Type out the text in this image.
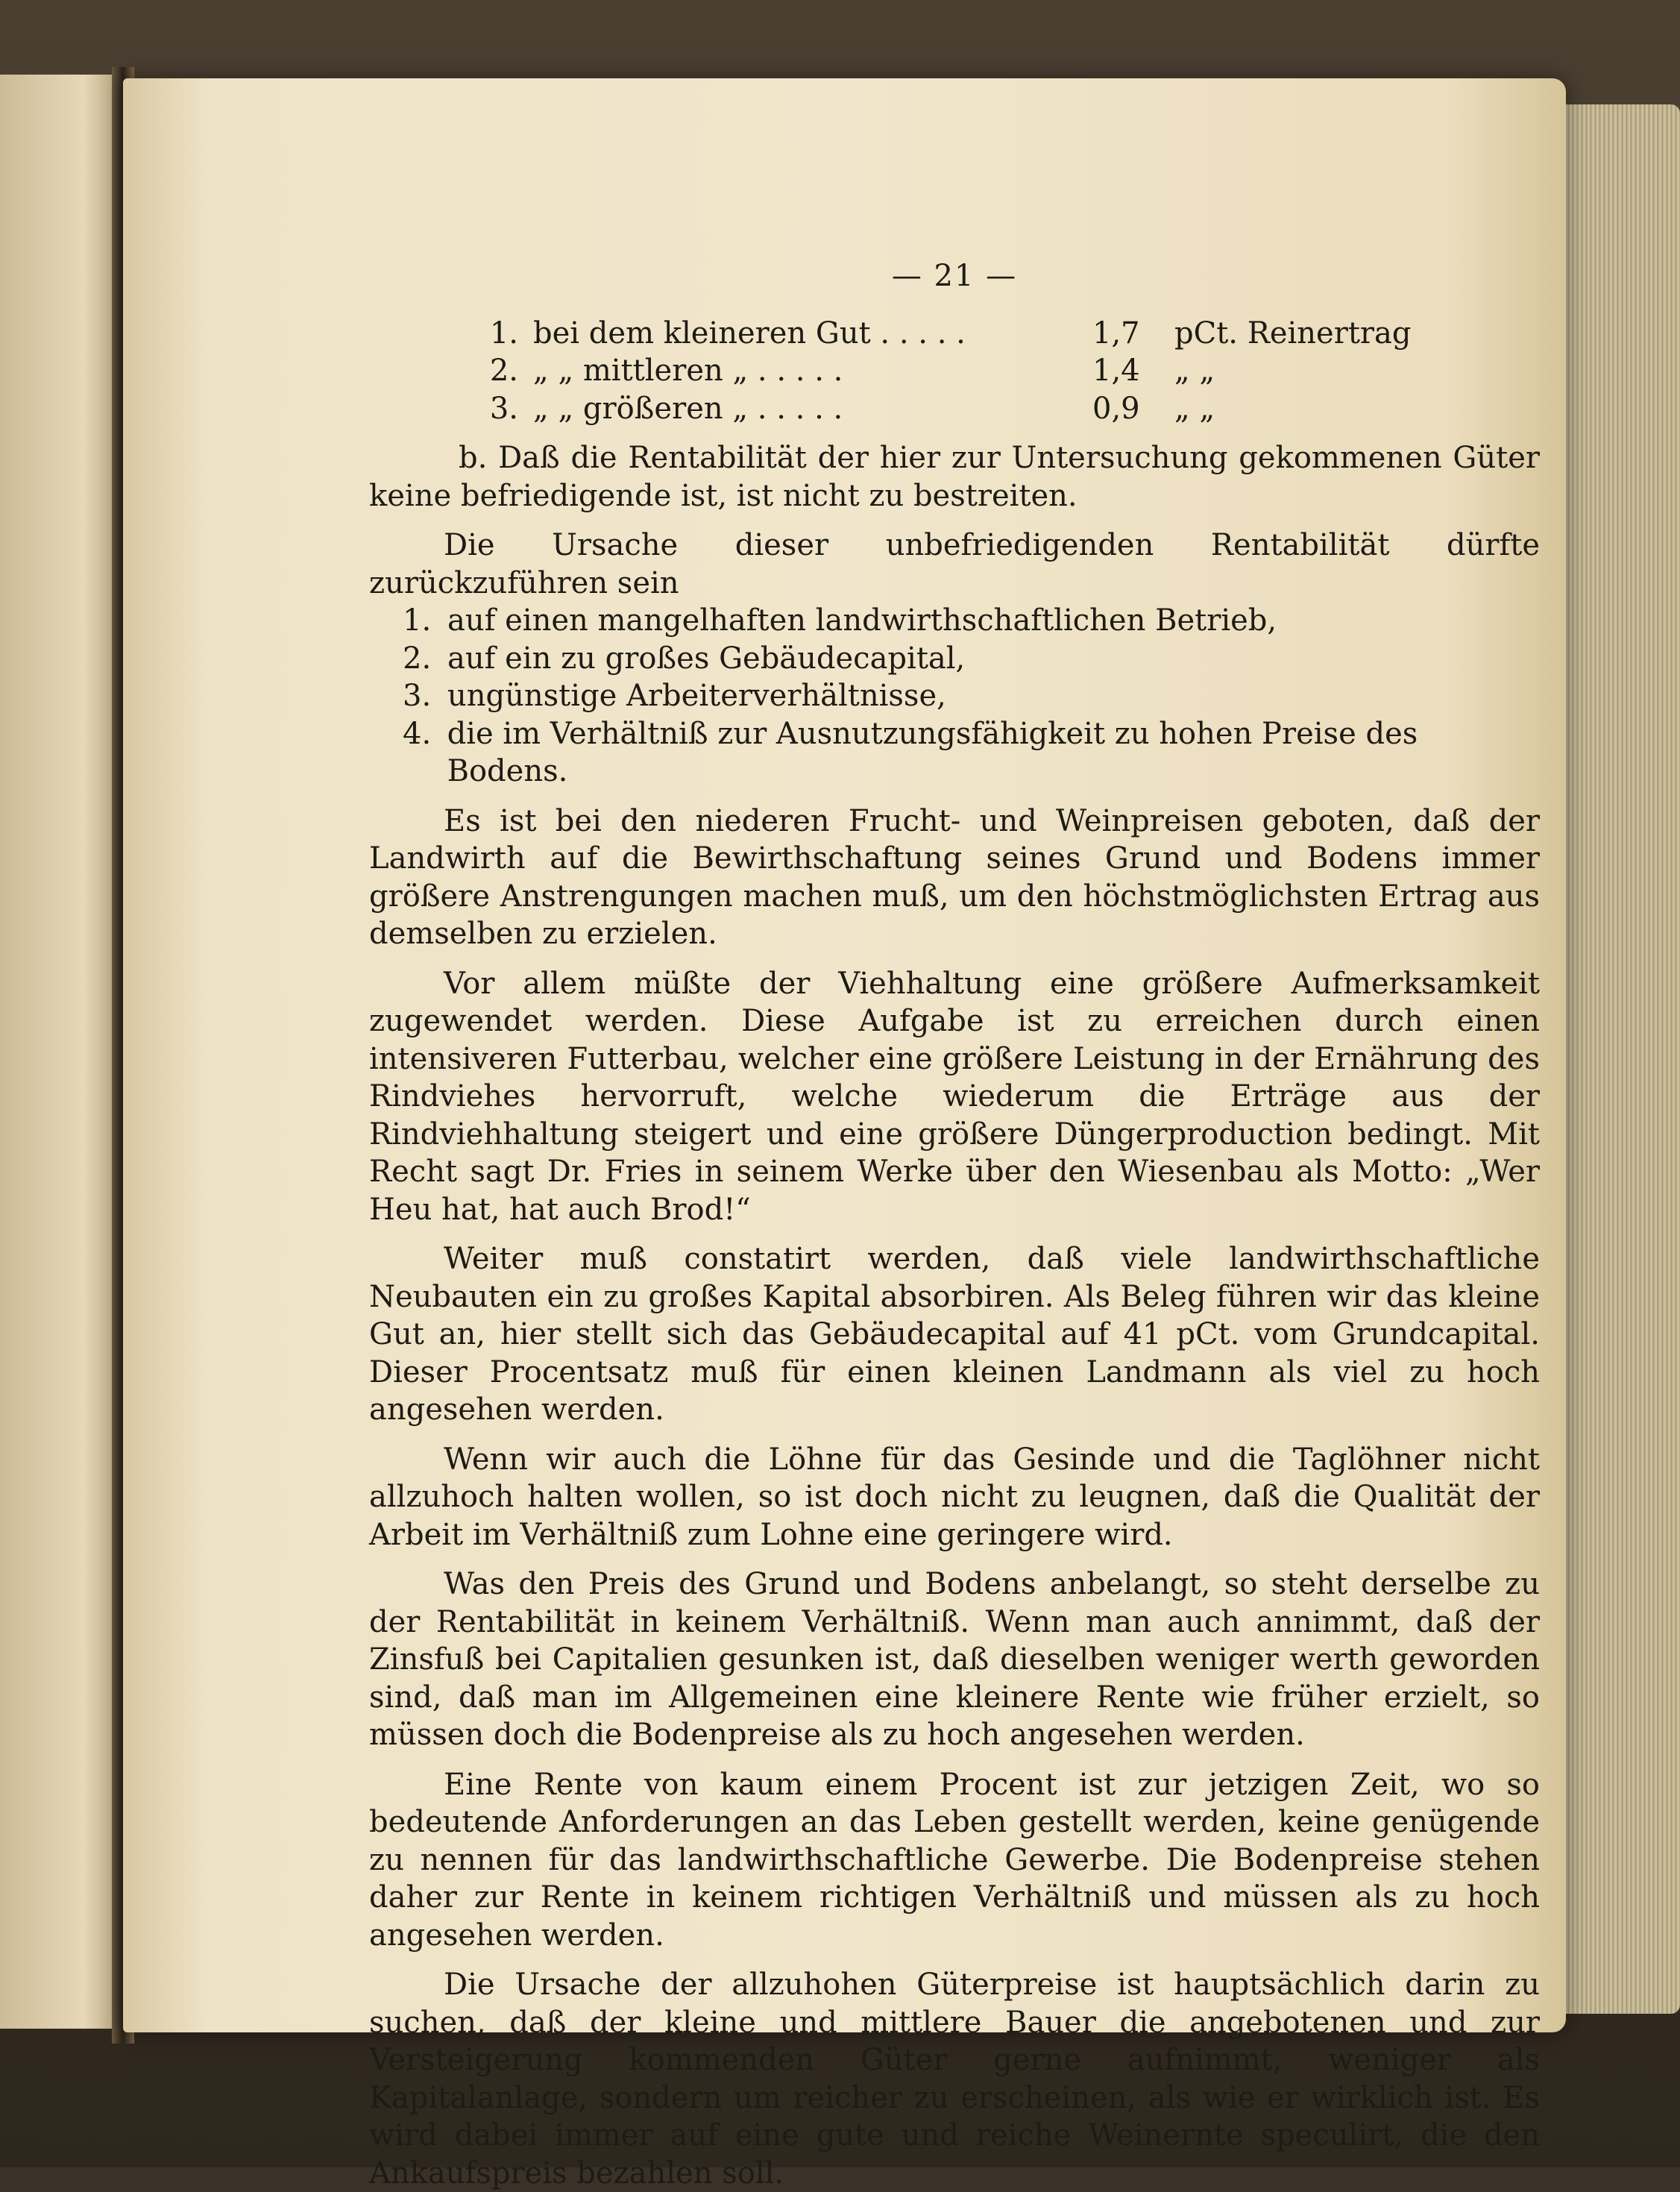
— 21 —
1. bei dem kleineren Gut . . . . .	1,7	pCt. Reinertrag
2. „ „ mittleren „ . . . . .	1,4	„ „
3. „ „ größeren „ . . . . .	0,9	„ „

b. Daß die Rentabilität der hier zur Untersuchung gekommenen Güter keine befriedigende ist, ist nicht zu bestreiten.

Die Ursache dieser unbefriedigenden Rentabilität dürfte zurückzuführen sein

1. auf einen mangelhaften landwirthschaftlichen Betrieb,
2. auf ein zu großes Gebäudecapital,
3. ungünstige Arbeiterverhältnisse,
4. die im Verhältniß zur Ausnutzungsfähigkeit zu hohen Preise des Bodens.

Es ist bei den niederen Frucht- und Weinpreisen geboten, daß der Landwirth auf die Bewirthschaftung seines Grund und Bodens immer größere Anstrengungen machen muß, um den höchstmöglichsten Ertrag aus demselben zu erzielen.

Vor allem müßte der Viehhaltung eine größere Aufmerksamkeit zugewendet werden. Diese Aufgabe ist zu erreichen durch einen intensiveren Futterbau, welcher eine größere Leistung in der Ernährung des Rindviehes hervorruft, welche wiederum die Erträge aus der Rindviehhaltung steigert und eine größere Düngerproduction bedingt. Mit Recht sagt Dr. Fries in seinem Werke über den Wiesenbau als Motto: „Wer Heu hat, hat auch Brod!“

Weiter muß constatirt werden, daß viele landwirthschaftliche Neubauten ein zu großes Kapital absorbiren. Als Beleg führen wir das kleine Gut an, hier stellt sich das Gebäudecapital auf 41 pCt. vom Grundcapital. Dieser Procentsatz muß für einen kleinen Landmann als viel zu hoch angesehen werden.

Wenn wir auch die Löhne für das Gesinde und die Taglöhner nicht allzuhoch halten wollen, so ist doch nicht zu leugnen, daß die Qualität der Arbeit im Verhältniß zum Lohne eine geringere wird.

Was den Preis des Grund und Bodens anbelangt, so steht derselbe zu der Rentabilität in keinem Verhältniß. Wenn man auch annimmt, daß der Zinsfuß bei Capitalien gesunken ist, daß dieselben weniger werth geworden sind, daß man im Allgemeinen eine kleinere Rente wie früher erzielt, so müssen doch die Bodenpreise als zu hoch angesehen werden.

Eine Rente von kaum einem Procent ist zur jetzigen Zeit, wo so bedeutende Anforderungen an das Leben gestellt werden, keine genügende zu nennen für das landwirthschaftliche Gewerbe. Die Bodenpreise stehen daher zur Rente in keinem richtigen Verhältniß und müssen als zu hoch angesehen werden.

Die Ursache der allzuhohen Güterpreise ist hauptsächlich darin zu suchen, daß der kleine und mittlere Bauer die angebotenen und zur Versteigerung kommenden Güter gerne aufnimmt, weniger als Kapitalanlage, sondern um reicher zu erscheinen, als wie er wirklich ist. Es wird dabei immer auf eine gute und reiche Weinernte speculirt, die den Ankaufspreis bezahlen soll.
